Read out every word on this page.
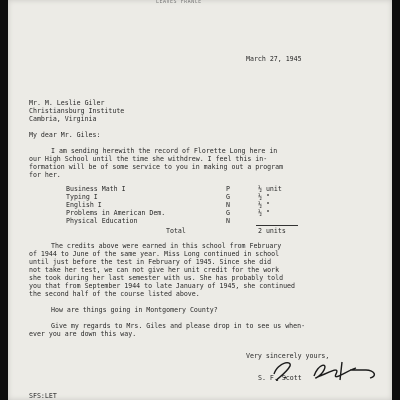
LEAVES FRANCE
March 27, 1945
Mr. M. Leslie Giler
Christiansburg Institute
Cambria, Virginia
My dear Mr. Giles:
I am sending herewith the record of Florette Long here in
our High School until the time she withdrew. I feel this in-
formation will be of some service to you in making out a program
for her.
Business Math I	P	½ unit
Typing I	G	½ "
English I	N	½ "
Problems in American Dem.	G	½ "
Physical Education	N
Total	2 units
The credits above were earned in this school from February
of 1944 to June of the same year. Miss Long continued in school
until just before the test in February of 1945. Since she did
not take her test, we can not give her unit credit for the work
she took during her last semester with us. She has probably told
you that from September 1944 to late January of 1945, she continued
the second half of the course listed above.
How are things going in Montgomery County?
Give my regards to Mrs. Giles and please drop in to see us when-
ever you are down this way.
Very sincerely yours,
S. F. Scott
SFS:LET
